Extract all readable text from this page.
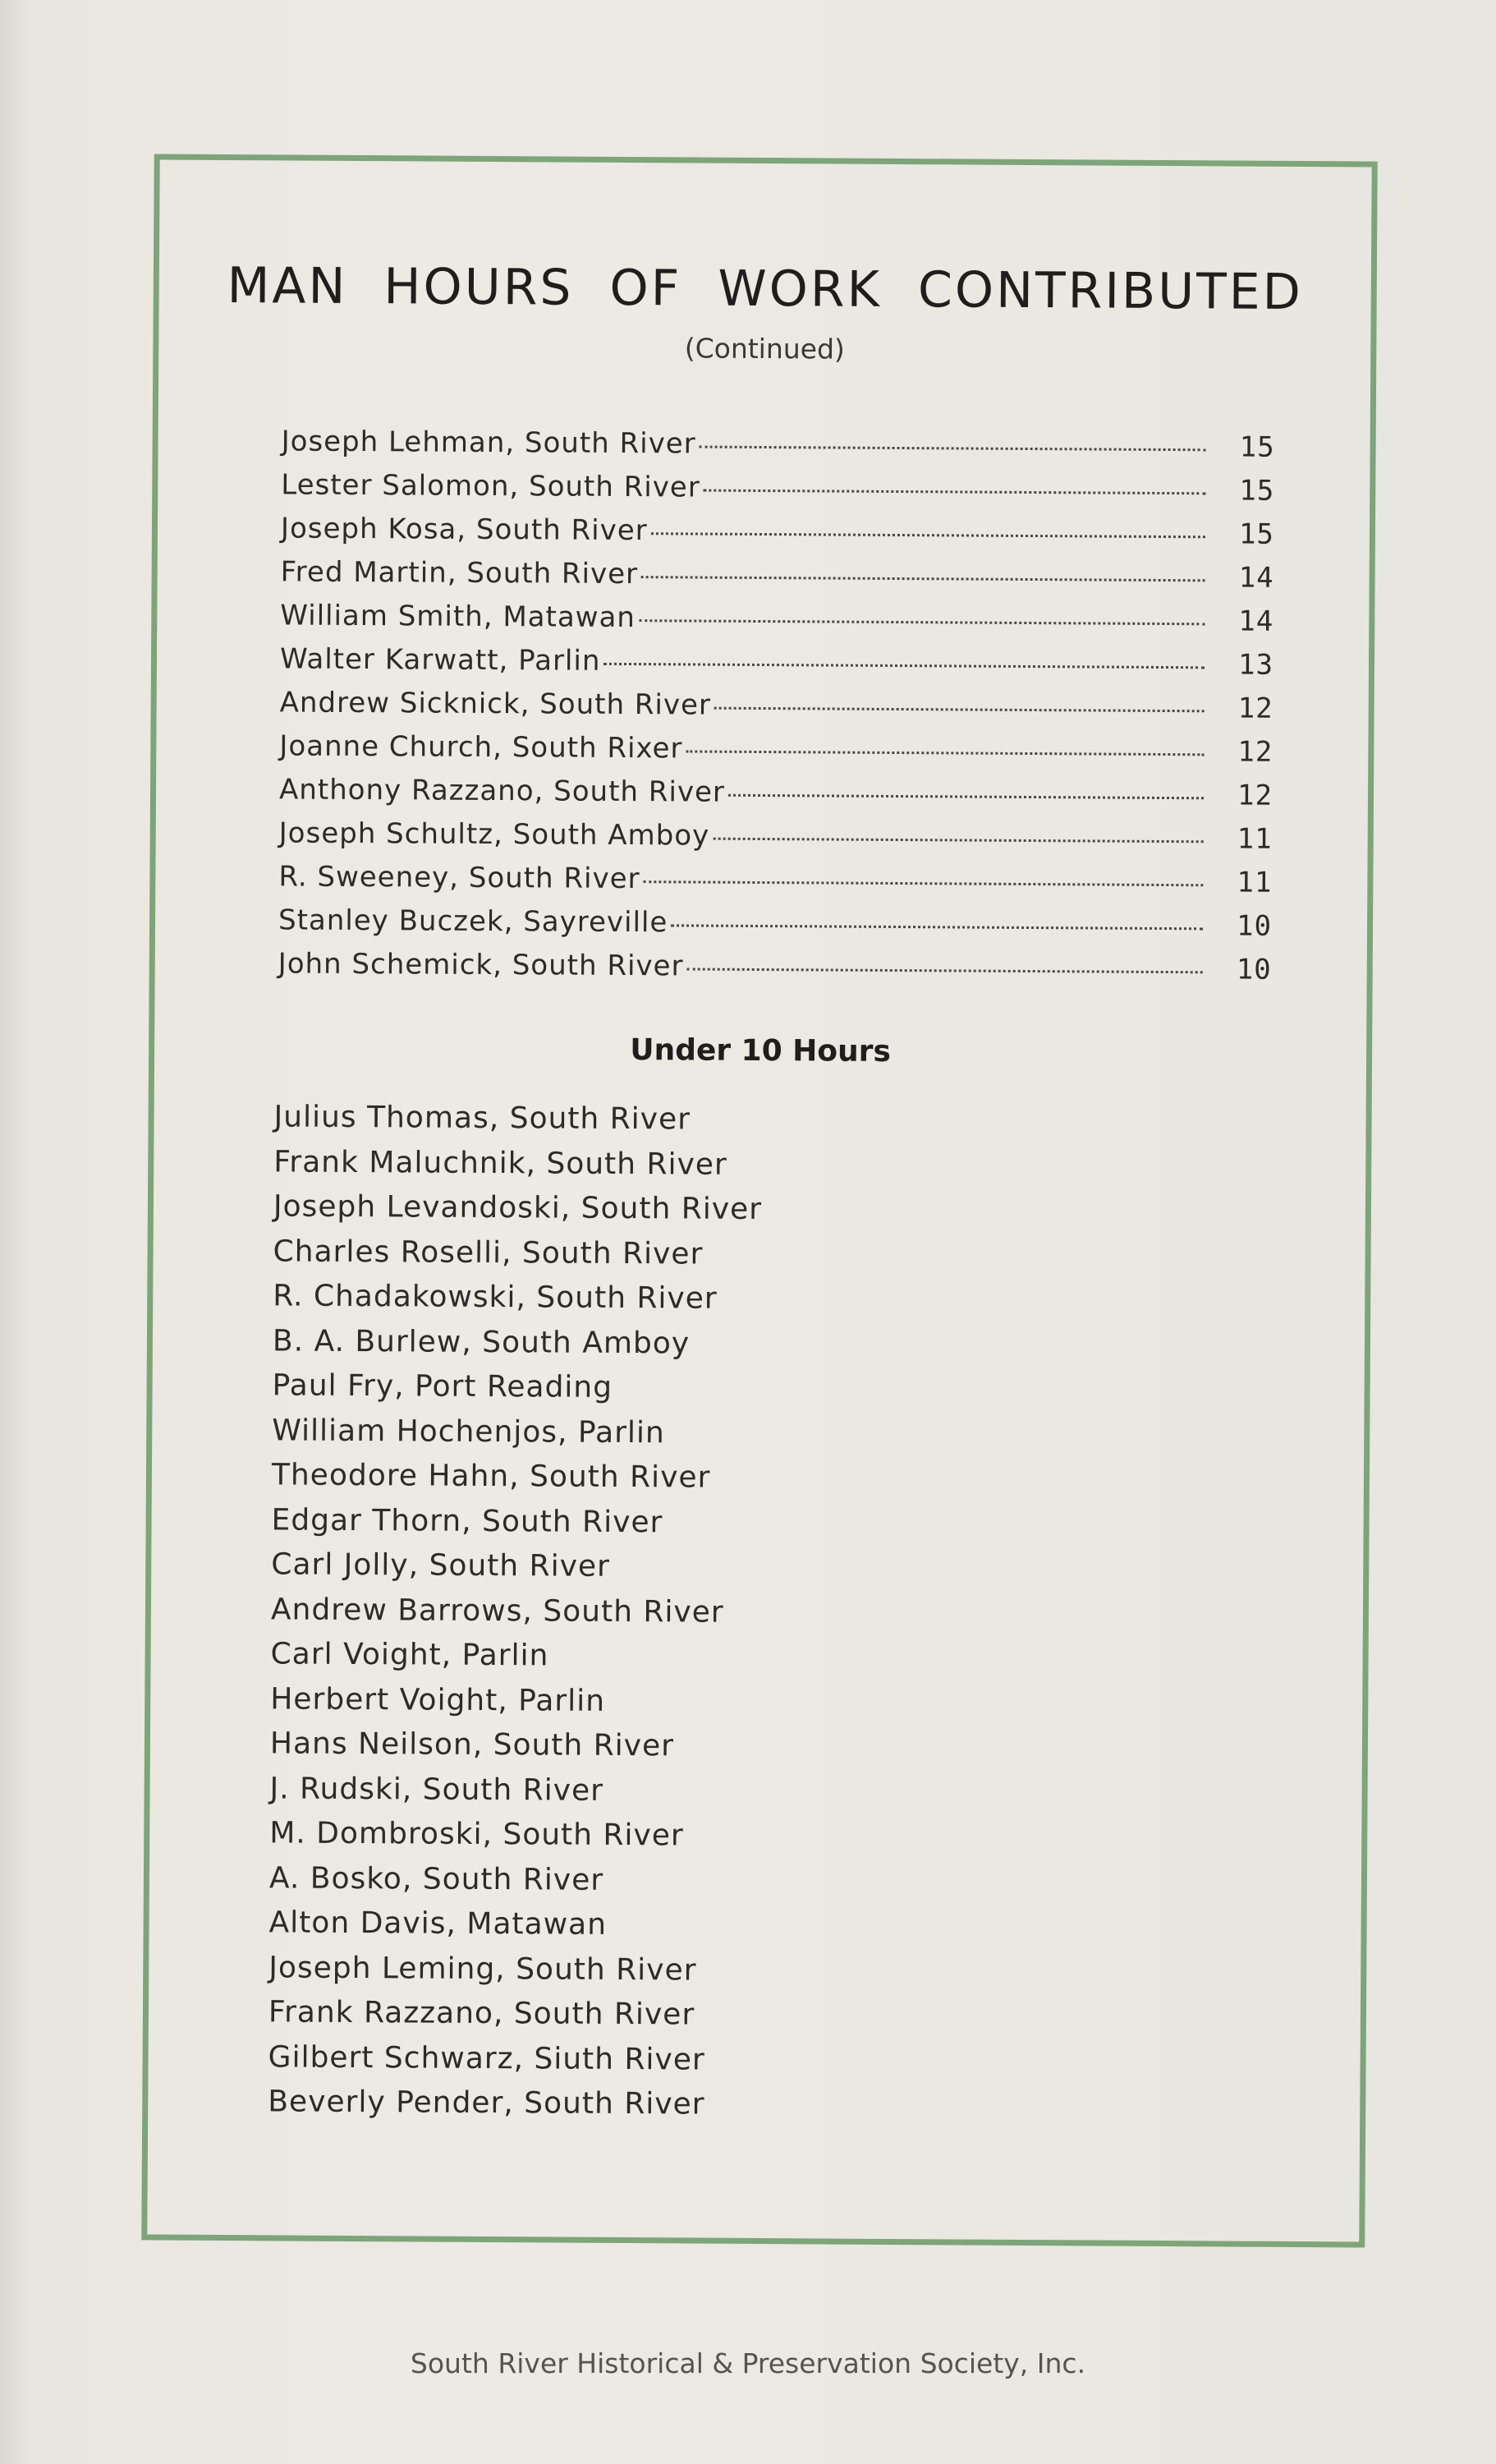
MAN HOURS OF WORK CONTRIBUTED
(Continued)
Joseph Lehman, South River	15
Lester Salomon, South River	15
Joseph Kosa, South River	15
Fred Martin, South River	14
William Smith, Matawan	14
Walter Karwatt, Parlin	13
Andrew Sicknick, South River	12
Joanne Church, South Rixer	12
Anthony Razzano, South River	12
Joseph Schultz, South Amboy	11
R. Sweeney, South River	11
Stanley Buczek, Sayreville	10
John Schemick, South River	10
Under 10 Hours
Julius Thomas, South River
Frank Maluchnik, South River
Joseph Levandoski, South River
Charles Roselli, South River
R. Chadakowski, South River
B. A. Burlew, South Amboy
Paul Fry, Port Reading
William Hochenjos, Parlin
Theodore Hahn, South River
Edgar Thorn, South River
Carl Jolly, South River
Andrew Barrows, South River
Carl Voight, Parlin
Herbert Voight, Parlin
Hans Neilson, South River
J. Rudski, South River
M. Dombroski, South River
A. Bosko, South River
Alton Davis, Matawan
Joseph Leming, South River
Frank Razzano, South River
Gilbert Schwarz, Siuth River
Beverly Pender, South River
South River Historical & Preservation Society, Inc.
